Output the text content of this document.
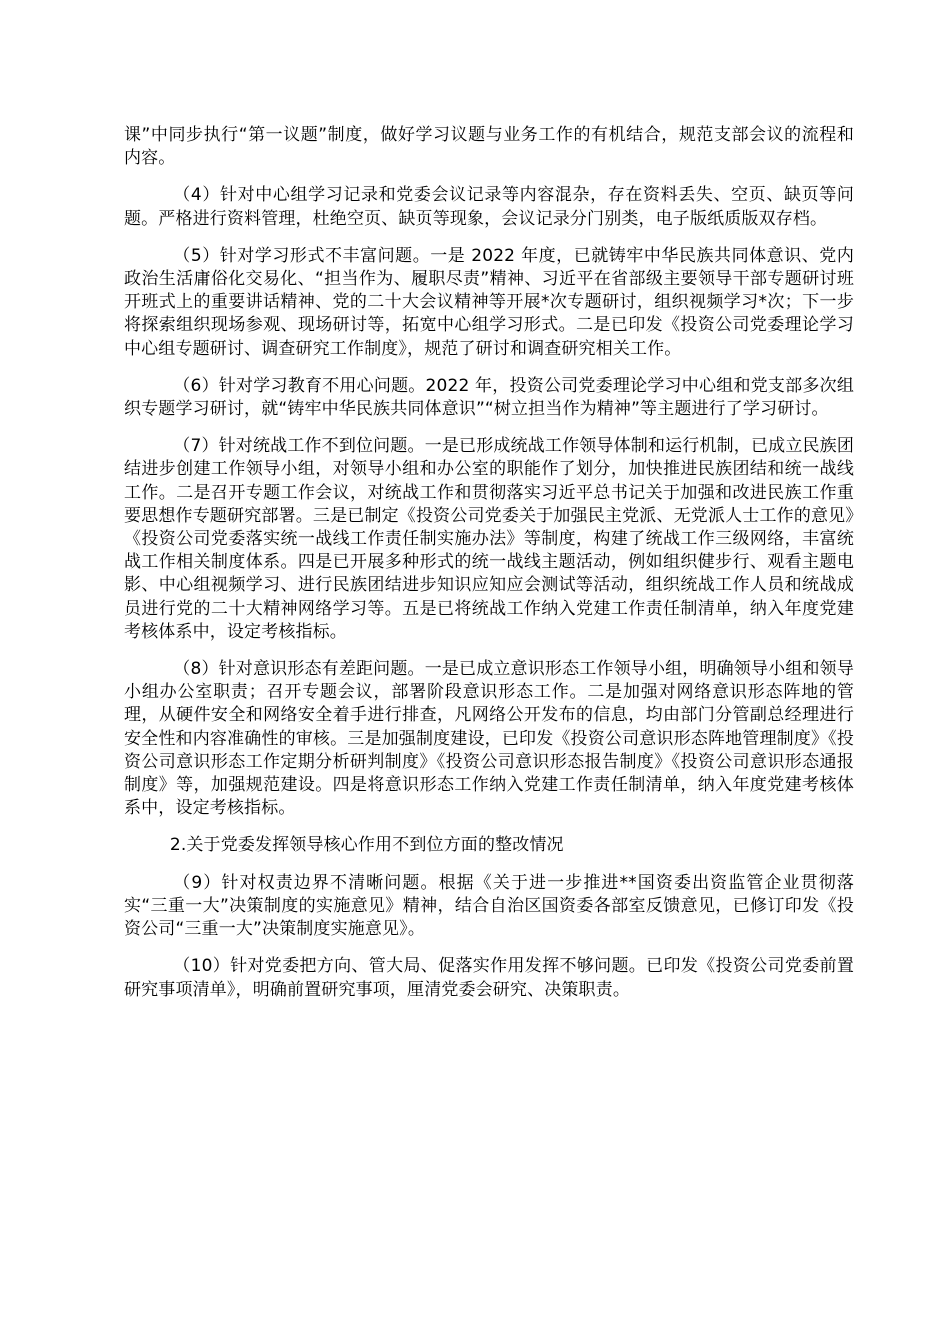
课”中同步执行“第一议题”制度，做好学习议题与业务工作的有机结合，规范支部会议的流程和内容。

（4）针对中心组学习记录和党委会议记录等内容混杂，存在资料丢失、空页、缺页等问题。严格进行资料管理，杜绝空页、缺页等现象，会议记录分门别类，电子版纸质版双存档。

（5）针对学习形式不丰富问题。一是 2022 年度，已就铸牢中华民族共同体意识、党内政治生活庸俗化交易化、“担当作为、履职尽责”精神、习近平在省部级主要领导干部专题研讨班开班式上的重要讲话精神、党的二十大会议精神等开展*次专题研讨，组织视频学习*次；下一步将探索组织现场参观、现场研讨等，拓宽中心组学习形式。二是已印发《投资公司党委理论学习中心组专题研讨、调查研究工作制度》，规范了研讨和调查研究相关工作。

（6）针对学习教育不用心问题。2022 年，投资公司党委理论学习中心组和党支部多次组织专题学习研讨，就“铸牢中华民族共同体意识”“树立担当作为精神”等主题进行了学习研讨。

（7）针对统战工作不到位问题。一是已形成统战工作领导体制和运行机制，已成立民族团结进步创建工作领导小组，对领导小组和办公室的职能作了划分，加快推进民族团结和统一战线工作。二是召开专题工作会议，对统战工作和贯彻落实习近平总书记关于加强和改进民族工作重要思想作专题研究部署。三是已制定《投资公司党委关于加强民主党派、无党派人士工作的意见》《投资公司党委落实统一战线工作责任制实施办法》等制度，构建了统战工作三级网络，丰富统战工作相关制度体系。四是已开展多种形式的统一战线主题活动，例如组织健步行、观看主题电影、中心组视频学习、进行民族团结进步知识应知应会测试等活动，组织统战工作人员和统战成员进行党的二十大精神网络学习等。五是已将统战工作纳入党建工作责任制清单，纳入年度党建考核体系中，设定考核指标。

（8）针对意识形态有差距问题。一是已成立意识形态工作领导小组，明确领导小组和领导小组办公室职责；召开专题会议，部署阶段意识形态工作。二是加强对网络意识形态阵地的管理，从硬件安全和网络安全着手进行排查，凡网络公开发布的信息，均由部门分管副总经理进行安全性和内容准确性的审核。三是加强制度建设，已印发《投资公司意识形态阵地管理制度》《投资公司意识形态工作定期分析研判制度》《投资公司意识形态报告制度》《投资公司意识形态通报制度》等，加强规范建设。四是将意识形态工作纳入党建工作责任制清单，纳入年度党建考核体系中，设定考核指标。

2.关于党委发挥领导核心作用不到位方面的整改情况

（9）针对权责边界不清晰问题。根据《关于进一步推进**国资委出资监管企业贯彻落实“三重一大”决策制度的实施意见》精神，结合自治区国资委各部室反馈意见，已修订印发《投资公司“三重一大”决策制度实施意见》。

（10）针对党委把方向、管大局、促落实作用发挥不够问题。已印发《投资公司党委前置研究事项清单》，明确前置研究事项，厘清党委会研究、决策职责。
